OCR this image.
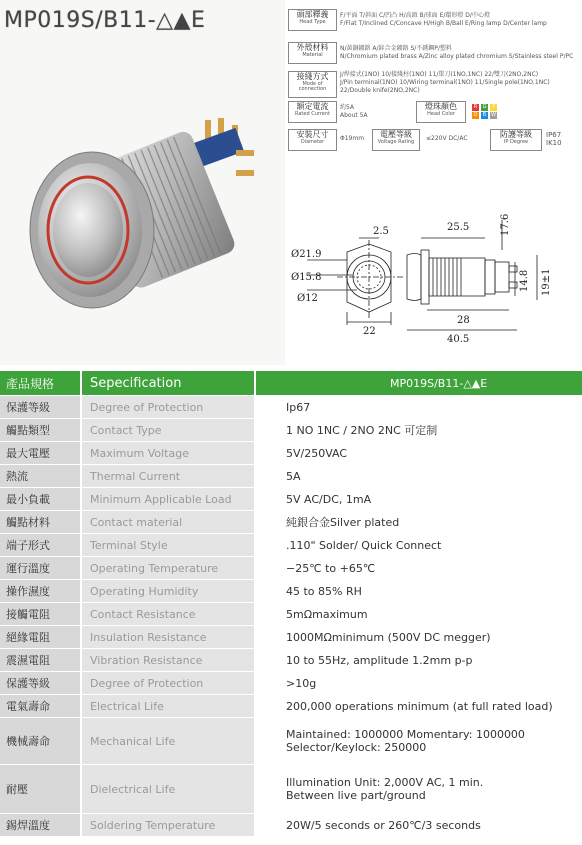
MP019S/B11-△▲E	頭部釋義
Head Type
F/平面 T/斜面 C/凹凸 H/高頭 B/球面 E/環形燈 D/中心燈
F/Flat T/Inclined C/Concave H/High B/Ball E/Ring lamp D/Center lamp
外殼材料
Material
N/黃銅鍍鉻 A/鋅合金鍍鉻 S/不銹鋼P/塑料
N/Chromium plated brass A/Zinc alloy plated chromium S/Stainless steel P/PC
接綫方式
Mode of
connection
J/焊接式(1NO) 10/接綫柱(1NO) 11/單刀(1NO,1NC) 22/雙刀(2NO,2NC)
J/Pin terminal(1NO) 10/Wiring terminal(1NO) 11/Single pole(1NO,1NC)
22/Double knife(2NO,2NC)
額定電流
Rated Current
約5A
About 5A
燈珠顏色
Head Color
R G Y
O B W
安裝尺寸
Diameter	Φ19mm	電壓等級
Voltage Rating	≤220V DC/AC	防護等級
IP Degree
IP67
IK10
Ø21.9
Ø15.8
Ø12
22
2.5	25.5
28
40.5
17.6
14.8 19±1
產品規格	Sepecification	MP019S/B11-△▲E
保護等級	Degree of Protection	Ip67
觸點類型	Contact Type	1 NO 1NC / 2NO 2NC 可定制
最大電壓	Maximum Voltage	5V/250VAC
熱流	Thermal Current	5A
最小負載	Minimum Applicable Load	5V AC/DC, 1mA
觸點材料	Contact material	純銀合金Silver plated
端子形式	Terminal Style	.110" Solder/ Quick Connect
運行溫度	Operating Temperature	−25℃ to +65℃
操作濕度	Operating Humidity	45 to 85% RH
接觸電阻	Contact Resistance	5mΩmaximum
絕緣電阻	Insulation Resistance	1000MΩminimum (500V DC megger)
震濕電阻	Vibration Resistance	10 to 55Hz, amplitude 1.2mm p-p
保護等級	Degree of Protection	>10g
電氣壽命	Electrical Life	200,000 operations minimum (at full rated load)
機械壽命	Mechanical Life	Maintained: 1000000 Momentary: 1000000
Selector/Keylock: 250000

耐壓	Dielectrical Life	Illumination Unit: 2,000V AC, 1 min.
Between live part/ground

錫焊溫度	Soldering Temperature	20W/5 seconds or 260℃/3 seconds
